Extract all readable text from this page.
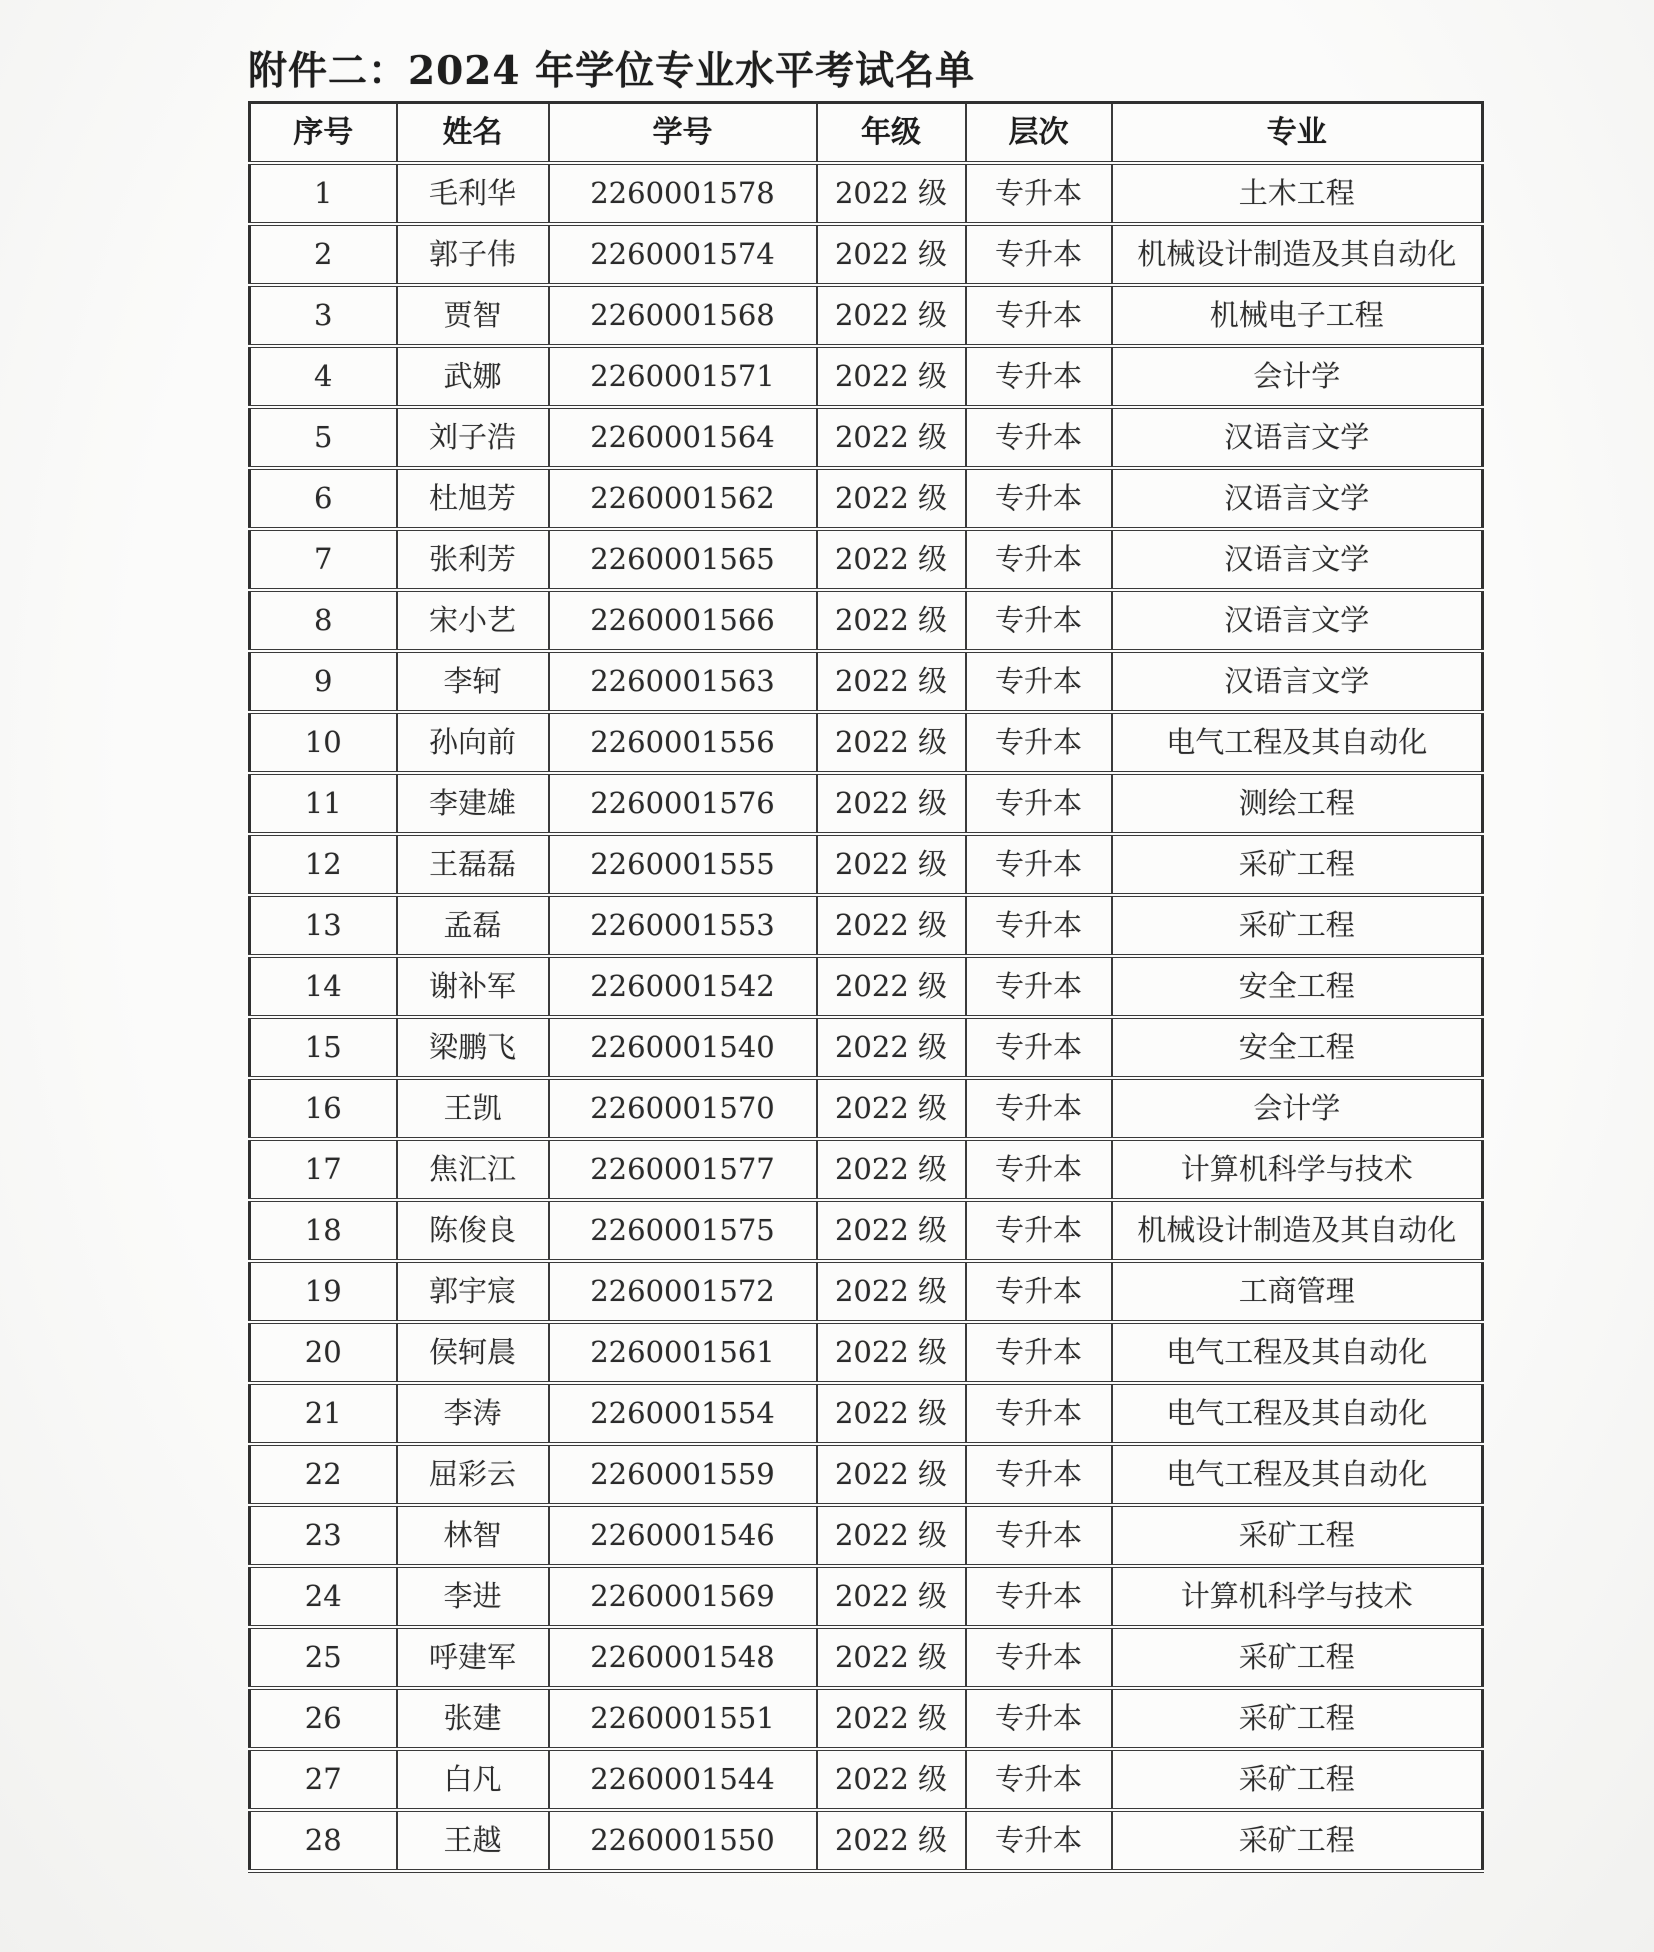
附件二：2024 年学位专业水平考试名单
序号	姓名	学号	年级	层次	专业
1	毛利华	2260001578	2022 级	专升本	土木工程
2	郭子伟	2260001574	2022 级	专升本	机械设计制造及其自动化
3	贾智	2260001568	2022 级	专升本	机械电子工程
4	武娜	2260001571	2022 级	专升本	会计学
5	刘子浩	2260001564	2022 级	专升本	汉语言文学
6	杜旭芳	2260001562	2022 级	专升本	汉语言文学
7	张利芳	2260001565	2022 级	专升本	汉语言文学
8	宋小艺	2260001566	2022 级	专升本	汉语言文学
9	李轲	2260001563	2022 级	专升本	汉语言文学
10	孙向前	2260001556	2022 级	专升本	电气工程及其自动化
11	李建雄	2260001576	2022 级	专升本	测绘工程
12	王磊磊	2260001555	2022 级	专升本	采矿工程
13	孟磊	2260001553	2022 级	专升本	采矿工程
14	谢补军	2260001542	2022 级	专升本	安全工程
15	梁鹏飞	2260001540	2022 级	专升本	安全工程
16	王凯	2260001570	2022 级	专升本	会计学
17	焦汇江	2260001577	2022 级	专升本	计算机科学与技术
18	陈俊良	2260001575	2022 级	专升本	机械设计制造及其自动化
19	郭宇宸	2260001572	2022 级	专升本	工商管理
20	侯轲晨	2260001561	2022 级	专升本	电气工程及其自动化
21	李涛	2260001554	2022 级	专升本	电气工程及其自动化
22	屈彩云	2260001559	2022 级	专升本	电气工程及其自动化
23	林智	2260001546	2022 级	专升本	采矿工程
24	李进	2260001569	2022 级	专升本	计算机科学与技术
25	呼建军	2260001548	2022 级	专升本	采矿工程
26	张建	2260001551	2022 级	专升本	采矿工程
27	白凡	2260001544	2022 级	专升本	采矿工程
28	王越	2260001550	2022 级	专升本	采矿工程
